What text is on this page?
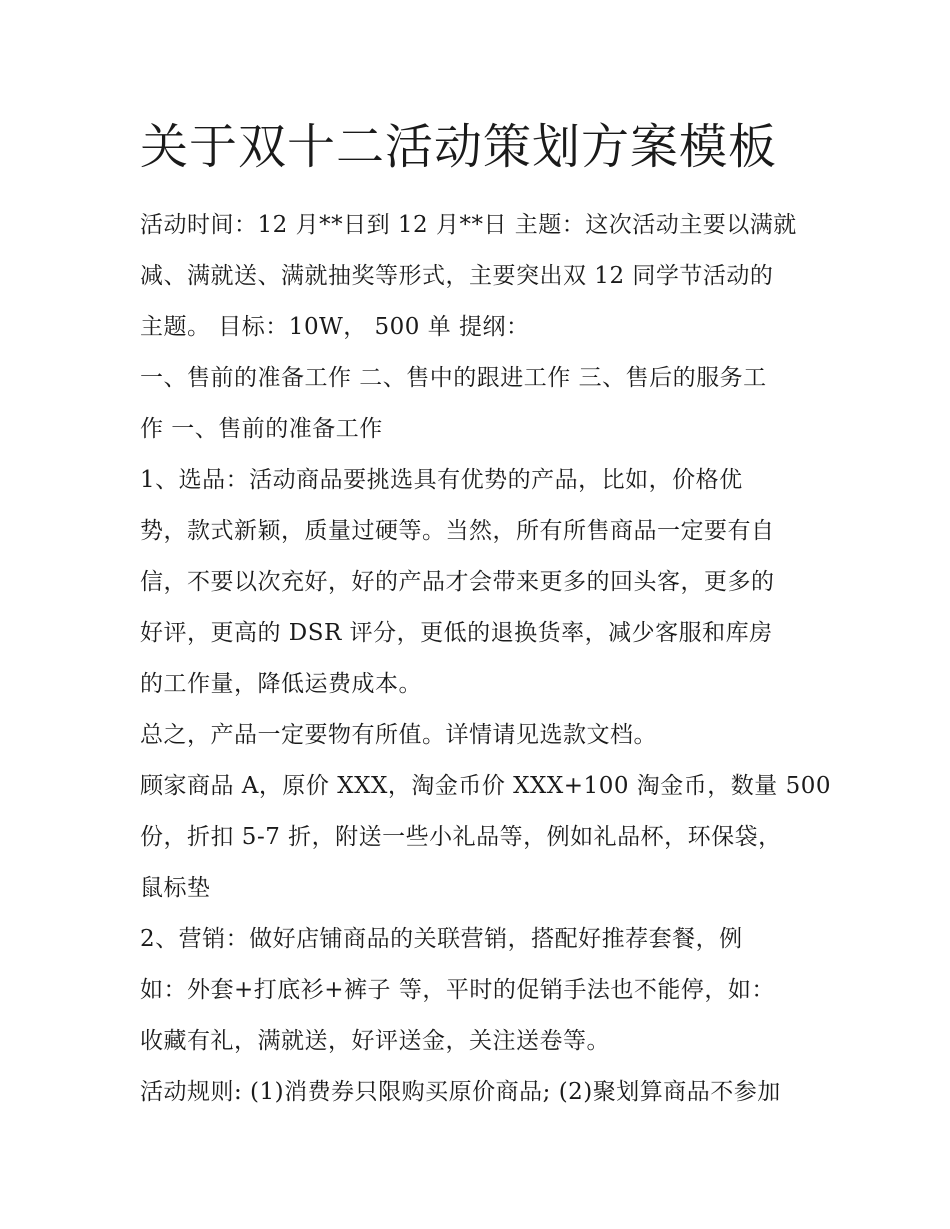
关于双十二活动策划方案模板

活动时间：12 月**日到 12 月**日 主题：这次活动主要以满就
减、满就送、满就抽奖等形式，主要突出双 12 同学节活动的
主题。 目标：10W， 500 单 提纲：

一、售前的准备工作 二、售中的跟进工作 三、售后的服务工
作 一、售前的准备工作

1、选品：活动商品要挑选具有优势的产品，比如，价格优
势，款式新颖，质量过硬等。当然，所有所售商品一定要有自
信，不要以次充好，好的产品才会带来更多的回头客，更多的
好评，更高的 DSR 评分，更低的退换货率，减少客服和库房
的工作量，降低运费成本。

总之，产品一定要物有所值。详情请见选款文档。

顾家商品 A，原价 XXX，淘金币价 XXX+100 淘金币，数量 500
份，折扣 5-7 折，附送一些小礼品等，例如礼品杯，环保袋，
鼠标垫

2、营销：做好店铺商品的关联营销，搭配好推荐套餐，例
如：外套+打底衫+裤子 等，平时的促销手法也不能停，如：
收藏有礼，满就送，好评送金，关注送卷等。

活动规则: (1)消费券只限购买原价商品; (2)聚划算商品不参加
